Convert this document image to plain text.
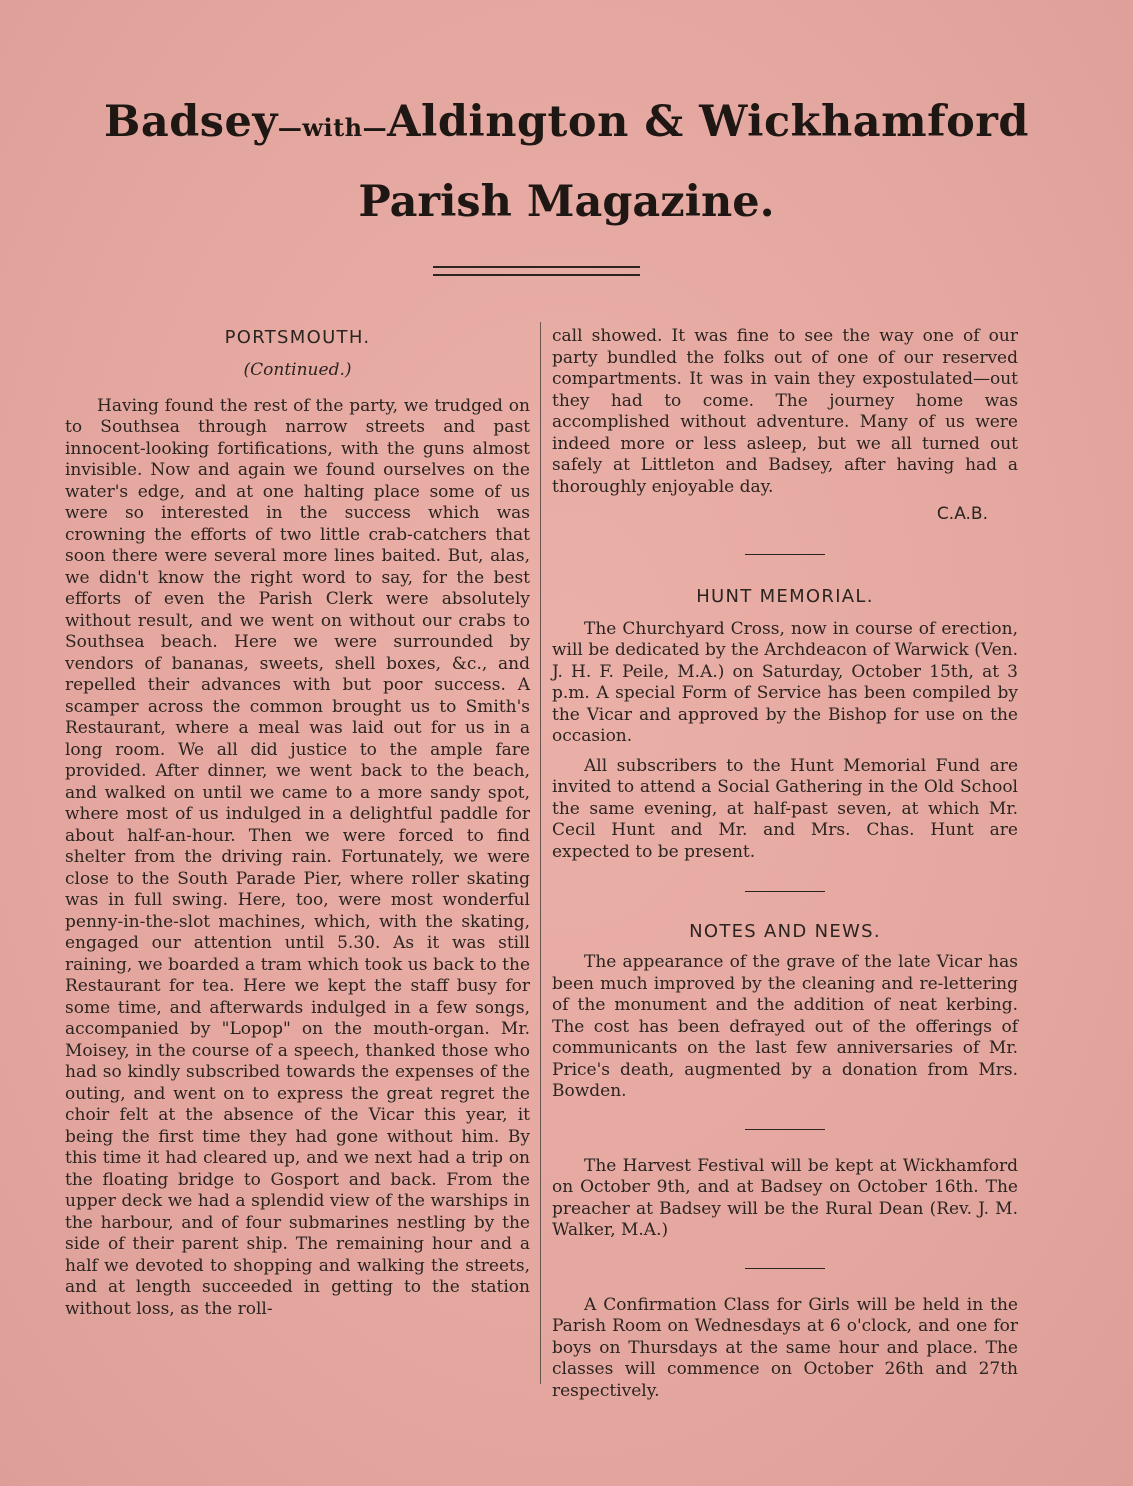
Badsey—with—Aldington & Wickhamford
Parish Magazine.
PORTSMOUTH.
(Continued.)

Having found the rest of the party, we trudged on to Southsea through narrow streets and past innocent-looking fortifications, with the guns almost invisible. Now and again we found ourselves on the water's edge, and at one halting place some of us were so interested in the success which was crowning the efforts of two little crab-catchers that soon there were several more lines baited. But, alas, we didn't know the right word to say, for the best efforts of even the Parish Clerk were absolutely without result, and we went on without our crabs to Southsea beach. Here we were surrounded by vendors of bananas, sweets, shell boxes, &c., and repelled their advances with but poor success. A scamper across the common brought us to Smith's Restaurant, where a meal was laid out for us in a long room. We all did justice to the ample fare provided. After dinner, we went back to the beach, and walked on until we came to a more sandy spot, where most of us indulged in a delightful paddle for about half-an-hour. Then we were forced to find shelter from the driving rain. Fortunately, we were close to the South Parade Pier, where roller skating was in full swing. Here, too, were most wonderful penny-in-the-slot machines, which, with the skating, engaged our attention until 5.30. As it was still raining, we boarded a tram which took us back to the Restaurant for tea. Here we kept the staff busy for some time, and afterwards indulged in a few songs, accompanied by "Lopop" on the mouth-organ. Mr. Moisey, in the course of a speech, thanked those who had so kindly subscribed towards the expenses of the outing, and went on to express the great regret the choir felt at the absence of the Vicar this year, it being the first time they had gone without him. By this time it had cleared up, and we next had a trip on the floating bridge to Gosport and back. From the upper deck we had a splendid view of the warships in the harbour, and of four submarines nestling by the side of their parent ship. The remaining hour and a half we devoted to shopping and walking the streets, and at length succeeded in getting to the station without loss, as the roll-

call showed. It was fine to see the way one of our party bundled the folks out of one of our reserved compartments. It was in vain they expostulated—out they had to come. The journey home was accomplished without adventure. Many of us were indeed more or less asleep, but we all turned out safely at Littleton and Badsey, after having had a thoroughly enjoyable day.

C.A.B.
HUNT MEMORIAL.

The Churchyard Cross, now in course of erection, will be dedicated by the Archdeacon of Warwick (Ven. J. H. F. Peile, M.A.) on Saturday, October 15th, at 3 p.m. A special Form of Service has been compiled by the Vicar and approved by the Bishop for use on the occasion.

All subscribers to the Hunt Memorial Fund are invited to attend a Social Gathering in the Old School the same evening, at half-past seven, at which Mr. Cecil Hunt and Mr. and Mrs. Chas. Hunt are expected to be present.

NOTES AND NEWS.

The appearance of the grave of the late Vicar has been much improved by the cleaning and re-lettering of the monument and the addition of neat kerbing. The cost has been defrayed out of the offerings of communicants on the last few anniversaries of Mr. Price's death, augmented by a donation from Mrs. Bowden.

The Harvest Festival will be kept at Wickhamford on October 9th, and at Badsey on October 16th. The preacher at Badsey will be the Rural Dean (Rev. J. M. Walker, M.A.)

A Confirmation Class for Girls will be held in the Parish Room on Wednesdays at 6 o'clock, and one for boys on Thursdays at the same hour and place. The classes will commence on October 26th and 27th respectively.
